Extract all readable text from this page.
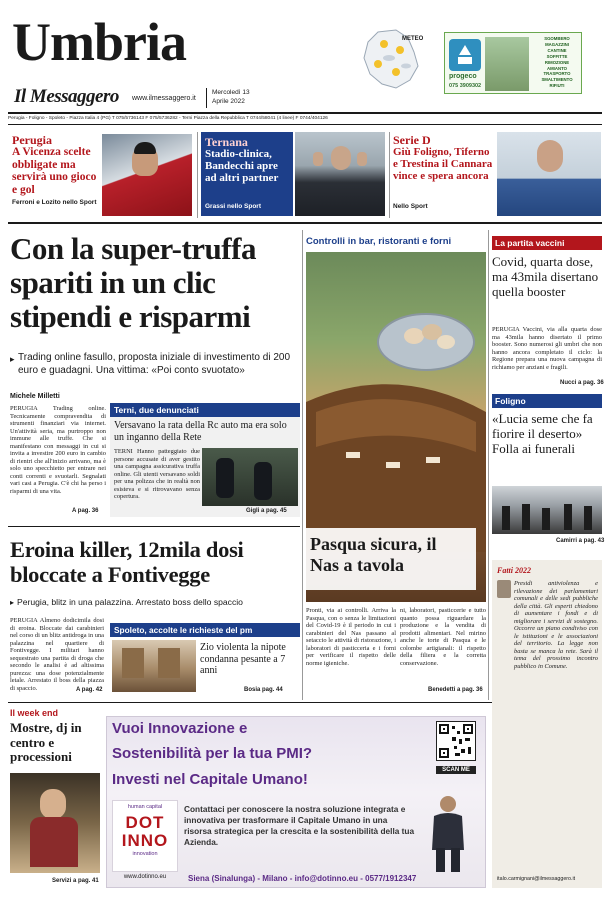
Umbria
Il Messaggero www.ilmessaggero.it
Mercoledì 13
Aprile 2022
METEO
progeco
075 3909302
SGOMBERO
MAGAZZINI
CANTINE
SOFFITTE
RIMOZIONE
AMIANTO
TRASPORTO
SMALTIMENTO
RIFIUTI
Perugia - Foligno - Spoleto - Piazza Italia 4 (PG) T 075/5736143 F 075/5736282 - Terni Piazza della Repubblica T 0744/58041 (4 linee) F 0744/404126
Perugia
A Vicenza scelte obbligate ma servirà uno gioco e gol
Ferroni e Lozito nello Sport
Ternana
Stadio-clinica, Bandecchi apre ad altri partner
Grassi nello Sport
Serie D
Giù Foligno, Tiferno e Trestina il Cannara vince e spera ancora
Nello Sport
Con la super-truffa spariti in un clic stipendi e risparmi
▸ Trading online fasullo, proposta iniziale di investimento di 200 euro e guadagni. Una vittima: «Poi conto svuotato»
Michele Milletti
PERUGIA Trading online. Tecnicamente compravendita di strumenti finanziari via internet. Un'attività seria, ma purtroppo non immune alle truffe. Che si manifestano con messaggi in cui si invita a investire 200 euro in cambio di rientri che all'inizio arrivano, ma è solo uno specchietto per entrare nei conti correnti e svuotarli. Segnalati vari casi a Perugia. C'è chi ha perso i risparmi di una vita.
A pag. 36
Terni, due denunciati
Versavano la rata della Rc auto ma era solo un inganno della Rete
TERNI Hanno patteggiato due persone accusate di aver gestito una campagna assicurativa truffa online. Gli utenti versavano soldi per una polizza che in realtà non esisteva e si ritrovavano senza copertura.
Gigli a pag. 45
Eroina killer, 12mila dosi bloccate a Fontivegge
▸ Perugia, blitz in una palazzina. Arrestato boss dello spaccio
PERUGIA Almeno dodicimila dosi di eroina. Bloccate dai carabinieri nel corso di un blitz antidroga in una palazzina nel quartiere di Fontivegge. I militari hanno sequestrato una partita di droga che secondo le analisi è ad altissima purezza: una dose potenzialmente letale. Arrestato il boss della piazza di spaccio.	A pag. 42
Spoleto, accolte le richieste del pm
Zio violenta la nipote condanna pesante a 7 anni
Bosia pag. 44
Il week end
Mostre, dj in centro e processioni
Servizi a pag. 41
Controlli in bar, ristoranti e forni
Pasqua sicura, il Nas a tavola
Pronti, via ai controlli. Arriva la Pasqua, con o senza le limitazioni del Covid-19 è il periodo in cui i carabinieri del Nas passano al setaccio le attività di ristorazione, i laboratori di pasticceria e i forni per verificare il rispetto delle norme igieniche.
ni, laboratori, pasticcerie e tutto quanto possa riguardare la produzione e la vendita di prodotti alimentari. Nel mirino anche le torte di Pasqua e le colombe artigianali: il rispetto della filiera e la corretta conservazione.
Benedetti a pag. 36
La partita vaccini
Covid, quarta dose, ma 43mila disertano quella booster
PERUGIA Vaccini, via alla quarta dose ma 43mila hanno disertato il primo booster. Sono numerosi gli umbri che non hanno ancora completato il ciclo: la Regione prepara una nuova campagna di richiamo per anziani e fragili.
Nucci a pag. 36
Foligno
«Lucia seme che fa fiorire il deserto» Folla ai funerali
Camirri a pag. 43
Fatti 2022
Presidi antiviolenza e rilevazione dei parlamentari comunali e delle sedi pubbliche della città. Gli esperti chiedono di aumentare i fondi e di migliorare i servizi di sostegno. Occorre un piano condiviso con le istituzioni e le associazioni del territorio. La legge non basta se manca la rete. Sarà il tema del prossimo incontro pubblico in Comune.
italo.carmignani@ilmessaggero.it
Vuoi Innovazione e
Sostenibilità per la tua PMI?
Investi nel Capitale Umano!
SCAN ME
human capital
DOT
INNO
innovation
www.dotinno.eu
Contattaci per conoscere la nostra soluzione integrata e innovativa per trasformare il Capitale Umano in una risorsa strategica per la crescita e la sostenibilità della tua Azienda.
Siena (Sinalunga) - Milano - info@dotinno.eu - 0577/1912347
